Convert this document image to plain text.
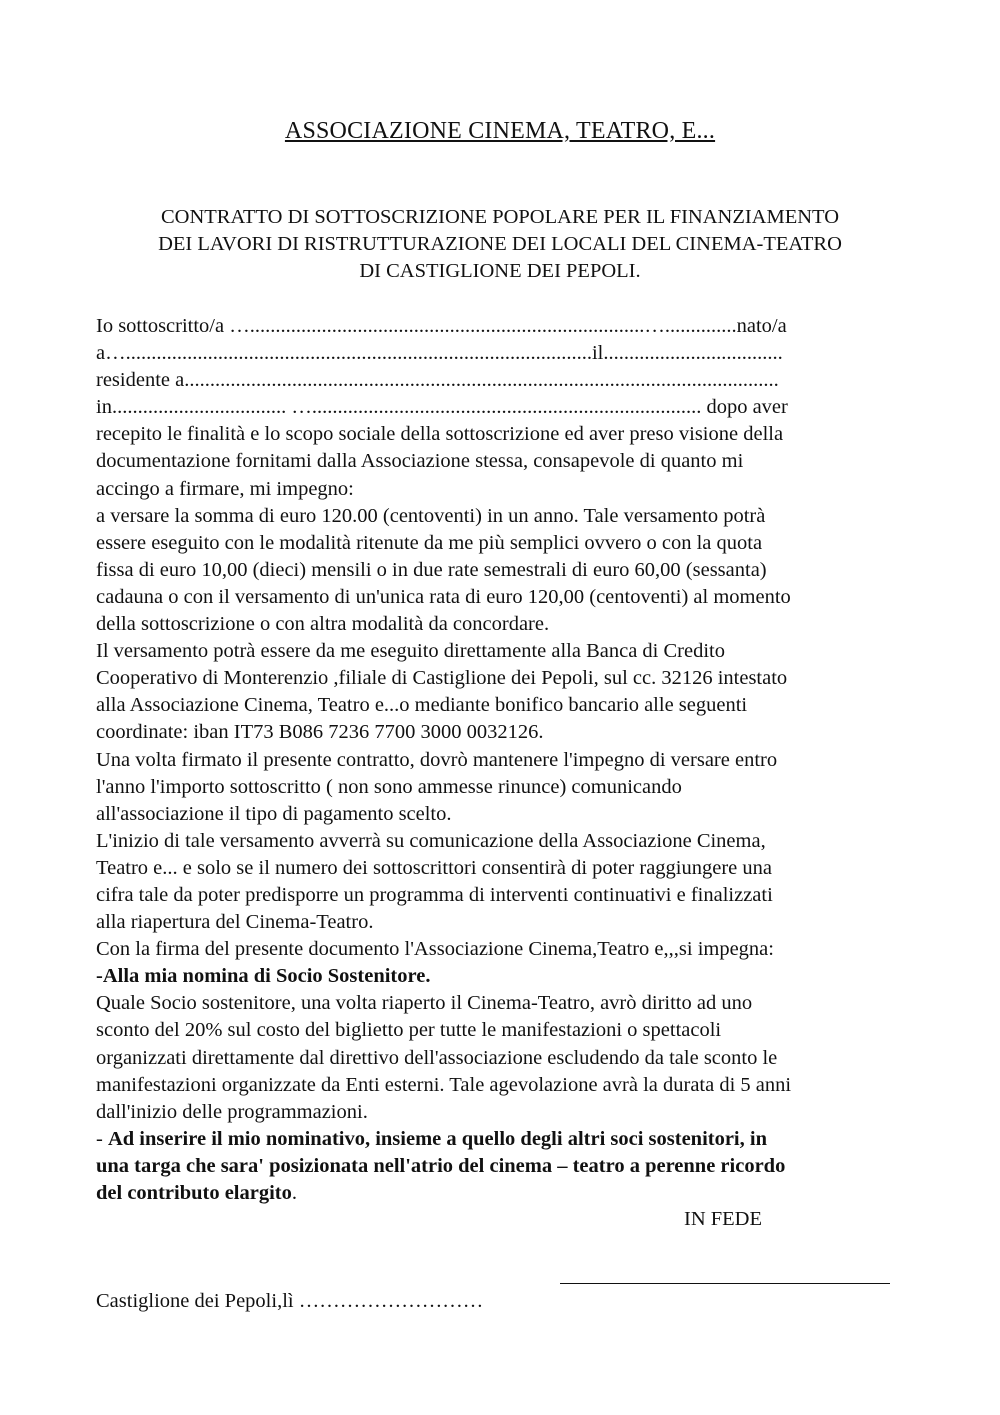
ASSOCIAZIONE CINEMA, TEATRO, E...
CONTRATTO DI SOTTOSCRIZIONE POPOLARE PER IL FINANZIAMENTO
DEI LAVORI DI RISTRUTTURAZIONE DEI LOCALI DEL CINEMA-TEATRO
DI CASTIGLIONE DEI PEPOLI.
Io sottoscritto/a ….............................................................................…..............nato/a
a…...........................................................................................il...................................
residente a....................................................................................................................
in.................................. …............................................................................ dopo aver
recepito le finalità e lo scopo sociale della sottoscrizione ed aver preso visione della
documentazione fornitami dalla Associazione stessa, consapevole di quanto mi
accingo a firmare, mi impegno:
a versare la somma di euro 120.00 (centoventi) in un anno. Tale versamento potrà
essere eseguito con le modalità ritenute da me più semplici ovvero o con la quota
fissa di euro 10,00 (dieci) mensili o in due rate semestrali di euro 60,00 (sessanta)
cadauna o con il versamento di un'unica rata di euro 120,00 (centoventi) al momento
della sottoscrizione o con altra modalità da concordare.
Il versamento potrà essere da me eseguito direttamente alla Banca di Credito
Cooperativo di Monterenzio ,filiale di Castiglione dei Pepoli, sul cc. 32126 intestato
alla Associazione Cinema, Teatro e...o mediante bonifico bancario alle seguenti
coordinate: iban IT73 B086 7236 7700 3000 0032126.
Una volta firmato il presente contratto, dovrò mantenere l'impegno di versare entro
l'anno l'importo sottoscritto ( non sono ammesse rinunce) comunicando
all'associazione il tipo di pagamento scelto.
L'inizio di tale versamento avverrà su comunicazione della Associazione Cinema,
Teatro e... e solo se il numero dei sottoscrittori consentirà di poter raggiungere una
cifra tale da poter predisporre un programma di interventi continuativi e finalizzati
alla riapertura del Cinema-Teatro.
Con la firma del presente documento l'Associazione Cinema,Teatro e,,,si impegna:
-Alla mia nomina di Socio Sostenitore.
Quale Socio sostenitore, una volta riaperto il Cinema-Teatro, avrò diritto ad uno
sconto del 20% sul costo del biglietto per tutte le manifestazioni o spettacoli
organizzati direttamente dal direttivo dell'associazione escludendo da tale sconto le
manifestazioni organizzate da Enti esterni. Tale agevolazione avrà la durata di 5 anni
dall'inizio delle programmazioni.
- Ad inserire il mio nominativo, insieme a quello degli altri soci sostenitori, in
una targa che sara' posizionata nell'atrio del cinema – teatro a perenne ricordo
del contributo elargito.
IN FEDE
Castiglione dei Pepoli,lì ………………………
